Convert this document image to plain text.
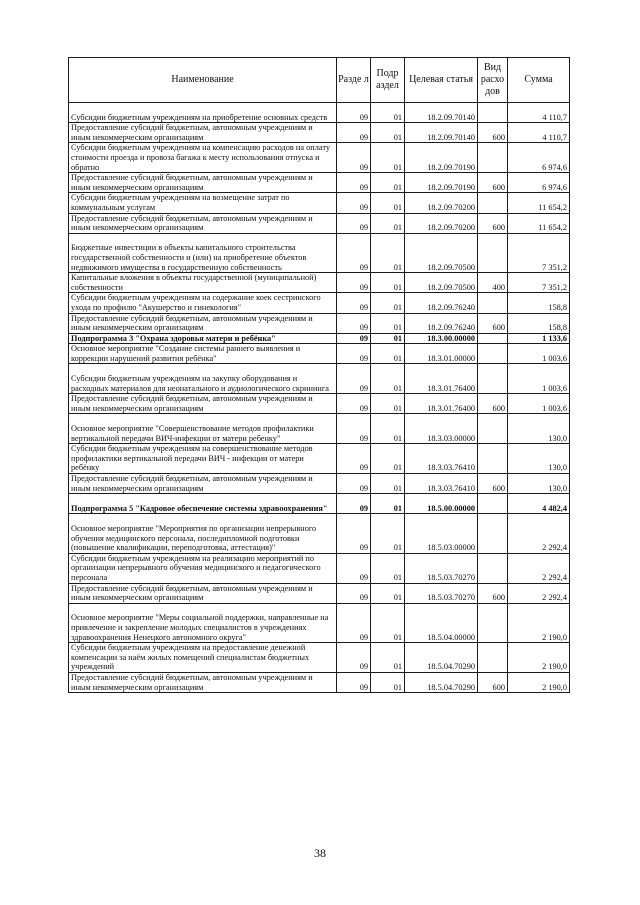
Наименование	Разде л	Подр аздел	Целевая статья	Вид расхо дов	Сумма
Субсидии бюджетным учреждениям на приобретение основных средств	09	01	18.2.09.70140		4 110,7
Предоставление субсидий бюджетным, автономным учреждениям и иным некоммерческим организациям	09	01	18.2.09.70140	600	4 110,7
Субсидии бюджетным учреждениям на компенсацию расходов на оплату стоимости проезда и провоза багажа к месту использования отпуска и обратно	09	01	18.2.09.70190		6 974,6
Предоставление субсидий бюджетным, автономным учреждениям и иным некоммерческим организациям	09	01	18.2.09.70190	600	6 974,6
Субсидии бюджетным учреждениям на возмещение затрат по коммунальным услугам	09	01	18.2.09.70200		11 654,2
Предоставление субсидий бюджетным, автономным учреждениям и иным некоммерческим организациям	09	01	18.2.09.70200	600	11 654,2
Бюджетные инвестиции в объекты капитального строительства государственной собственности и (или) на приобретение объектов недвижимого имущества в государственную собственность	09	01	18.2.09.70500		7 351,2
Капитальные вложения в объекты государственной (муниципальной) собственности	09	01	18.2.09.70500	400	7 351,2
Субсидии бюджетным учреждениям на содержание коек сестринского ухода по профилю "Акушерство и гинекология"	09	01	18.2.09.76240		158,8
Предоставление субсидий бюджетным, автономным учреждениям и иным некоммерческим организациям	09	01	18.2.09.76240	600	158,8
Подпрограмма 3 "Охрана здоровья матери и ребёнка"	09	01	18.3.00.00000		1 133,6
Основное мероприятие "Создание системы раннего выявления и коррекции нарушений развития ребёнка"	09	01	18.3.01.00000		1 003,6
Субсидии бюджетным учреждениям на закупку оборудования и расходных материалов для неонатального и аудиологического скрининга	09	01	18.3.01.76400		1 003,6
Предоставление субсидий бюджетным, автономным учреждениям и иным некоммерческим организациям	09	01	18.3.01.76400	600	1 003,6
Основное мероприятие "Совершенствование методов профилактики вертикальной передачи ВИЧ-инфекции от матери ребенку"	09	01	18.3.03.00000		130,0
Субсидии бюджетным учреждениям на совершенствование методов профилактики вертикальной передачи ВИЧ - инфекции от матери ребёнку	09	01	18.3.03.76410		130,0
Предоставление субсидий бюджетным, автономным учреждениям и иным некоммерческим организациям	09	01	18.3.03.76410	600	130,0
Подпрограмма 5 "Кадровое обеспечение системы здравоохранения"	09	01	18.5.00.00000		4 482,4
Основное мероприятие "Мероприятия по организации непрерывного обучения медицинского персонала, последипломной подготовки (повышение квалификации, переподготовка, аттестация)"	09	01	18.5.03.00000		2 292,4
Субсидии бюджетным учреждениям на реализацию мероприятий по организации непрерывного обучения медицинского и педагогического персонала	09	01	18.5.03.70270		2 292,4
Предоставление субсидий бюджетным, автономным учреждениям и иным некоммерческим организациям	09	01	18.5.03.70270	600	2 292,4
Основное мероприятие "Меры социальной поддержки, направленные на привлечение и закрепление молодых специалистов в учреждениях здравоохранения Ненецкого автономного округа"	09	01	18.5.04.00000		2 190,0
Субсидии бюджетным учреждениям на предоставление денежной компенсации за наём жилых помещений специалистам бюджетных учреждений	09	01	18.5.04.70290		2 190,0
Предоставление субсидий бюджетным, автономным учреждениям и иным некоммерческим организациям	09	01	18.5.04.70290	600	2 190,0
38
